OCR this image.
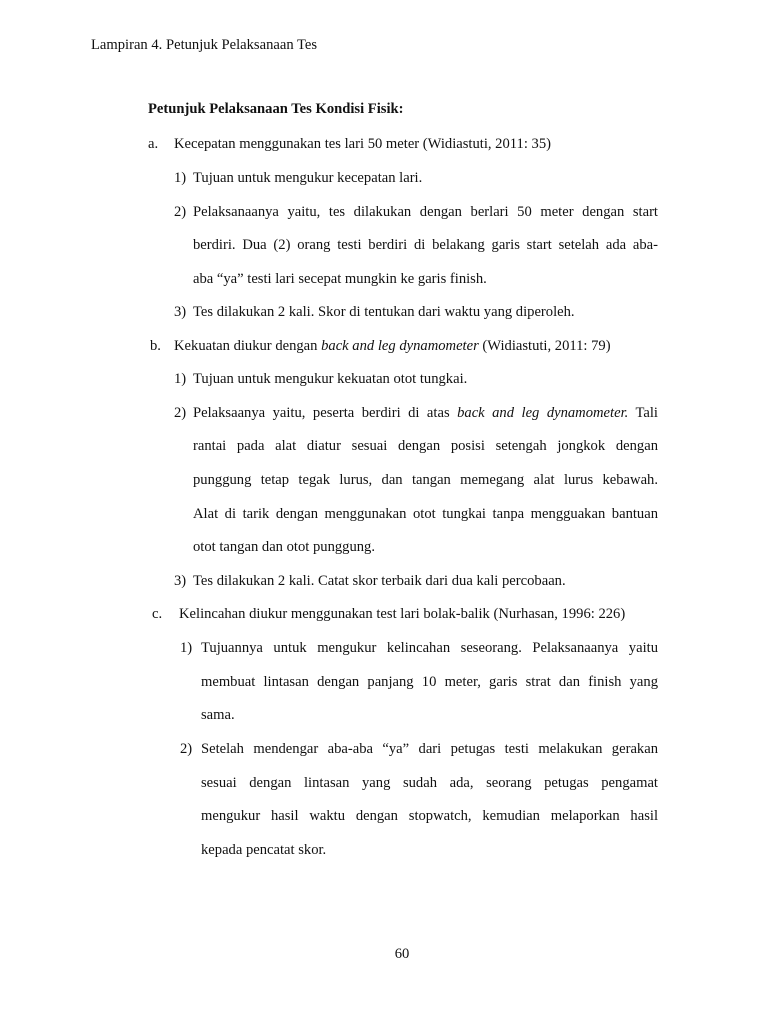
Lampiran 4. Petunjuk Pelaksanaan Tes
Petunjuk Pelaksanaan Tes Kondisi Fisik:
a. Kecepatan menggunakan tes lari 50 meter (Widiastuti, 2011: 35)
1) Tujuan untuk mengukur kecepatan lari.
2) Pelaksanaanya yaitu, tes dilakukan dengan berlari 50 meter dengan start
berdiri. Dua (2) orang testi berdiri di belakang garis start setelah ada aba-
aba “ya” testi lari secepat mungkin ke garis finish.
3) Tes dilakukan 2 kali. Skor di tentukan dari waktu yang diperoleh.
b. Kekuatan diukur dengan back and leg dynamometer (Widiastuti, 2011: 79)
1) Tujuan untuk mengukur kekuatan otot tungkai.
2) Pelaksaanya yaitu, peserta berdiri di atas back and leg dynamometer. Tali
rantai pada alat diatur sesuai dengan posisi setengah jongkok dengan
punggung tetap tegak lurus, dan tangan memegang alat lurus kebawah.
Alat di tarik dengan menggunakan otot tungkai tanpa mengguakan bantuan
otot tangan dan otot punggung.
3) Tes dilakukan 2 kali. Catat skor terbaik dari dua kali percobaan.
c. Kelincahan diukur menggunakan test lari bolak-balik (Nurhasan, 1996: 226)
1) Tujuannya untuk mengukur kelincahan seseorang. Pelaksanaanya yaitu
membuat lintasan dengan panjang 10 meter, garis strat dan finish yang
sama.
2) Setelah mendengar aba-aba “ya” dari petugas testi melakukan gerakan
sesuai dengan lintasan yang sudah ada, seorang petugas pengamat
mengukur hasil waktu dengan stopwatch, kemudian melaporkan hasil
kepada pencatat skor.
60
